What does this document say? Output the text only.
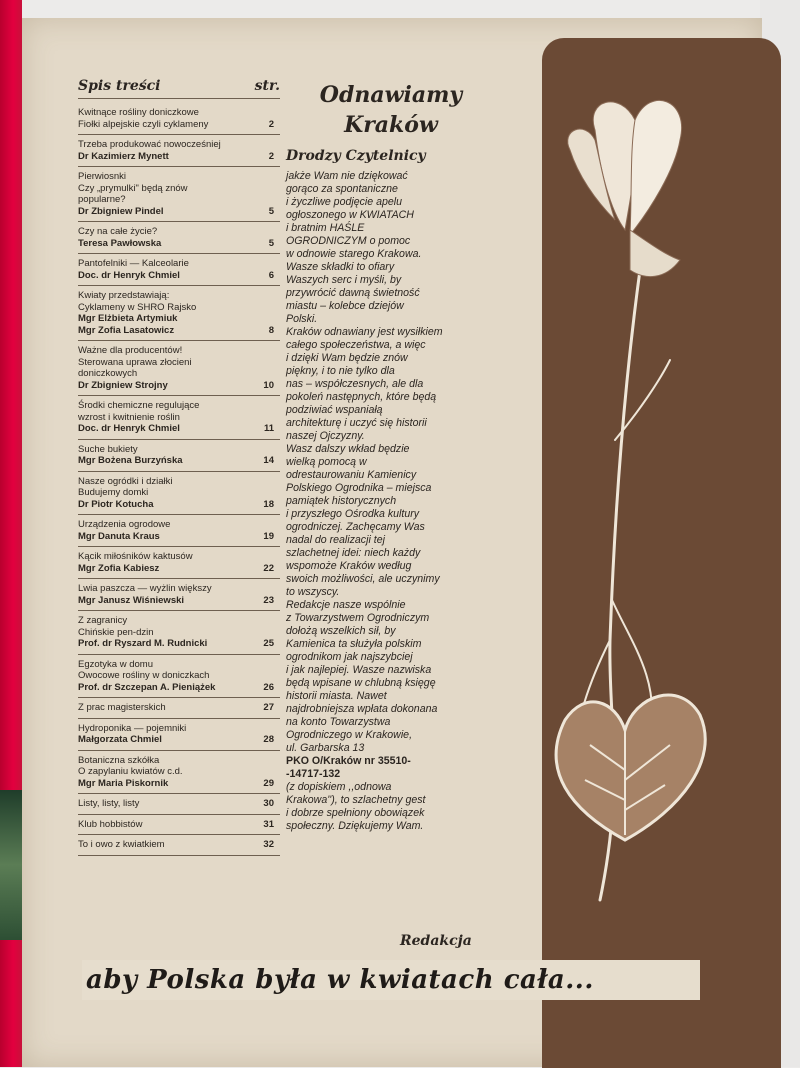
Spis treści	str.
Kwitnące rośliny doniczkowe
Fiołki alpejskie czyli cyklameny	2
Trzeba produkować nowocześniej
Dr Kazimierz Mynett	2
Pierwiosnki
Czy „prymulki" będą znów
popularne?
Dr Zbigniew Pindel	5
Czy na całe życie?
Teresa Pawłowska	5
Pantofelniki — Kalceolarie
Doc. dr Henryk Chmiel	6
Kwiaty przedstawiają:
Cyklameny w SHRO Rajsko
Mgr Elżbieta Artymiuk
Mgr Zofia Lasatowicz	8
Ważne dla producentów!
Sterowana uprawa złocieni
doniczkowych
Dr Zbigniew Strojny	10
Środki chemiczne regulujące
wzrost i kwitnienie roślin
Doc. dr Henryk Chmiel	11
Suche bukiety
Mgr Bożena Burzyńska	14
Nasze ogródki i działki
Budujemy domki
Dr Piotr Kotucha	18
Urządzenia ogrodowe
Mgr Danuta Kraus	19
Kącik miłośników kaktusów
Mgr Zofia Kabiesz	22
Lwia paszcza — wyżlin większy
Mgr Janusz Wiśniewski	23
Z zagranicy
Chińskie pen-dzin
Prof. dr Ryszard M. Rudnicki	25
Egzotyka w domu
Owocowe rośliny w doniczkach
Prof. dr Szczepan A. Pieniążek	26
Z prac magisterskich	27
Hydroponika — pojemniki
Małgorzata Chmiel	28
Botaniczna szkółka
O zapylaniu kwiatów c.d.
Mgr Maria Piskornik	29
Listy, listy, listy	30
Klub hobbistów	31
To i owo z kwiatkiem	32
Odnawiamy
Kraków
Drodzy Czytelnicy
jakże Wam nie dziękować
gorąco za spontaniczne
i życzliwe podjęcie apelu
ogłoszonego w KWIATACH
i bratnim HAŚLE
OGRODNICZYM o pomoc
w odnowie starego Krakowa.
Wasze składki to ofiary
Waszych serc i myśli, by
przywrócić dawną świetność
miastu – kolebce dziejów
Polski.
Kraków odnawiany jest wysiłkiem
całego społeczeństwa, a więc
i dzięki Wam będzie znów
piękny, i to nie tylko dla
nas – współczesnych, ale dla
pokoleń następnych, które będą
podziwiać wspaniałą
architekturę i uczyć się historii
naszej Ojczyzny.
Wasz dalszy wkład będzie
wielką pomocą w
odrestaurowaniu Kamienicy
Polskiego Ogrodnika – miejsca
pamiątek historycznych
i przyszłego Ośrodka kultury
ogrodniczej. Zachęcamy Was
nadal do realizacji tej
szlachetnej idei: niech każdy
wspomoże Kraków według
swoich możliwości, ale uczynimy
to wszyscy.
Redakcje nasze wspólnie
z Towarzystwem Ogrodniczym
dołożą wszelkich sił, by
Kamienica ta służyła polskim
ogrodnikom jak najszybciej
i jak najlepiej. Wasze nazwiska
będą wpisane w chlubną księgę
historii miasta. Nawet
najdrobniejsza wpłata dokonana
na konto Towarzystwa
Ogrodniczego w Krakowie,
ul. Garbarska 13
PKO O/Kraków nr 35510-
-14717-132
(z dopiskiem ,,odnowa
Krakowa''), to szlachetny gest
i dobrze spełniony obowiązek
społeczny. Dziękujemy Wam.
Redakcja
aby Polska była w kwiatach cała...
